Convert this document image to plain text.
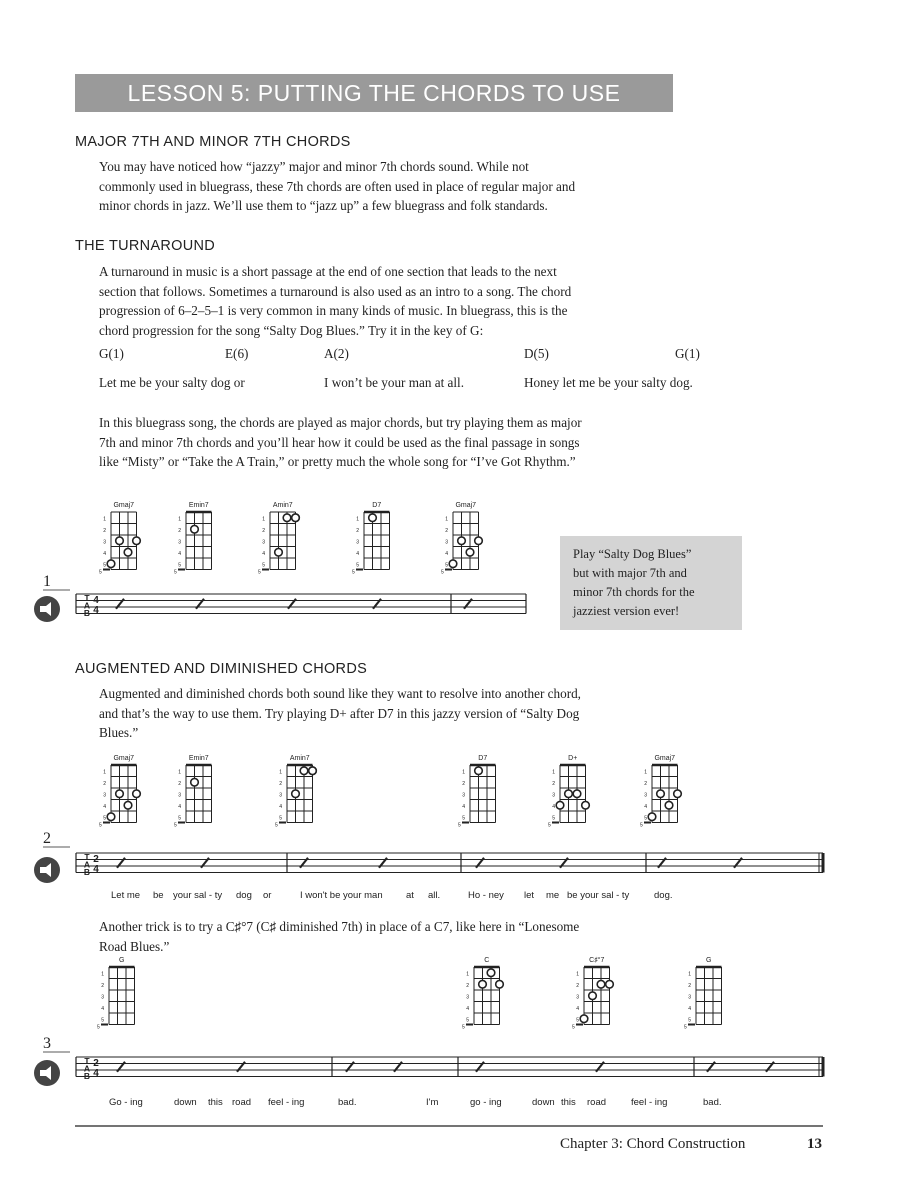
LESSON 5: PUTTING THE CHORDS TO USE
MAJOR 7TH AND MINOR 7TH CHORDS
You may have noticed how “jazzy” major and minor 7th chords sound. While not
commonly used in bluegrass, these 7th chords are often used in place of regular major and
minor chords in jazz. We’ll use them to “jazz up” a few bluegrass and folk standards.
THE TURNAROUND
A turnaround in music is a short passage at the end of one section that leads to the next
section that follows. Sometimes a turnaround is also used as an intro to a song. The chord
progression of 6–2–5–1 is very common in many kinds of music. In bluegrass, this is the
chord progression for the song “Salty Dog Blues.” Try it in the key of G:
G(1)	E(6)	A(2)	D(5)	G(1)
Let me be your salty dog or	I won’t be your man at all.	Honey let me be your salty dog.
In this bluegrass song, the chords are played as major chords, but try playing them as major
7th and minor 7th chords and you’ll hear how it could be used as the final passage in songs
like “Misty” or “Take the A Train,” or pretty much the whole song for “I’ve Got Rhythm.”
Play “Salty Dog Blues”
but with major 7th and
minor 7th chords for the
jazziest version ever!
AUGMENTED AND DIMINISHED CHORDS
Augmented and diminished chords both sound like they want to resolve into another chord,
and that’s the way to use them. Try playing D+ after D7 in this jazzy version of “Salty Dog
Blues.”
Another trick is to try a C♯°7 (C♯ diminished 7th) in place of a C7, like here in “Lonesome
Road Blues.”
1
2
3
Let me be your sal - ty dog or	I won't be your man at all.	Ho - ney let me be your sal - ty	dog.
Go - ing	down this road feel - ing	bad.	I'm	go - ing	down this road	feel - ing	bad.
Chapter 3: Chord Construction	13
Gmaj7
1
2
3
4
5
5
Emin7
1
2
3
4
5
5
Amin7
1
2
3
4
5
5
D7
1
2
3
4
5
5
Gmaj7
1
2
3
4
5
5
T
A
B
4
4
Gmaj7
1
2
3
4
5
5
Emin7
1
2
3
4
5
5
Amin7
1
2
3
4
5
5
D7
1
2
3
4
5
5
D+
1
2
3
4
5
5
Gmaj7
1
2
3
4
5
5
T
A
B
2
4
G
1
2
3
4
5
5
C
1
2
3
4
5
5
C♯°7
1
2
3
4
5
5
G
1
2
3
4
5
5
T
A
B
2
4
